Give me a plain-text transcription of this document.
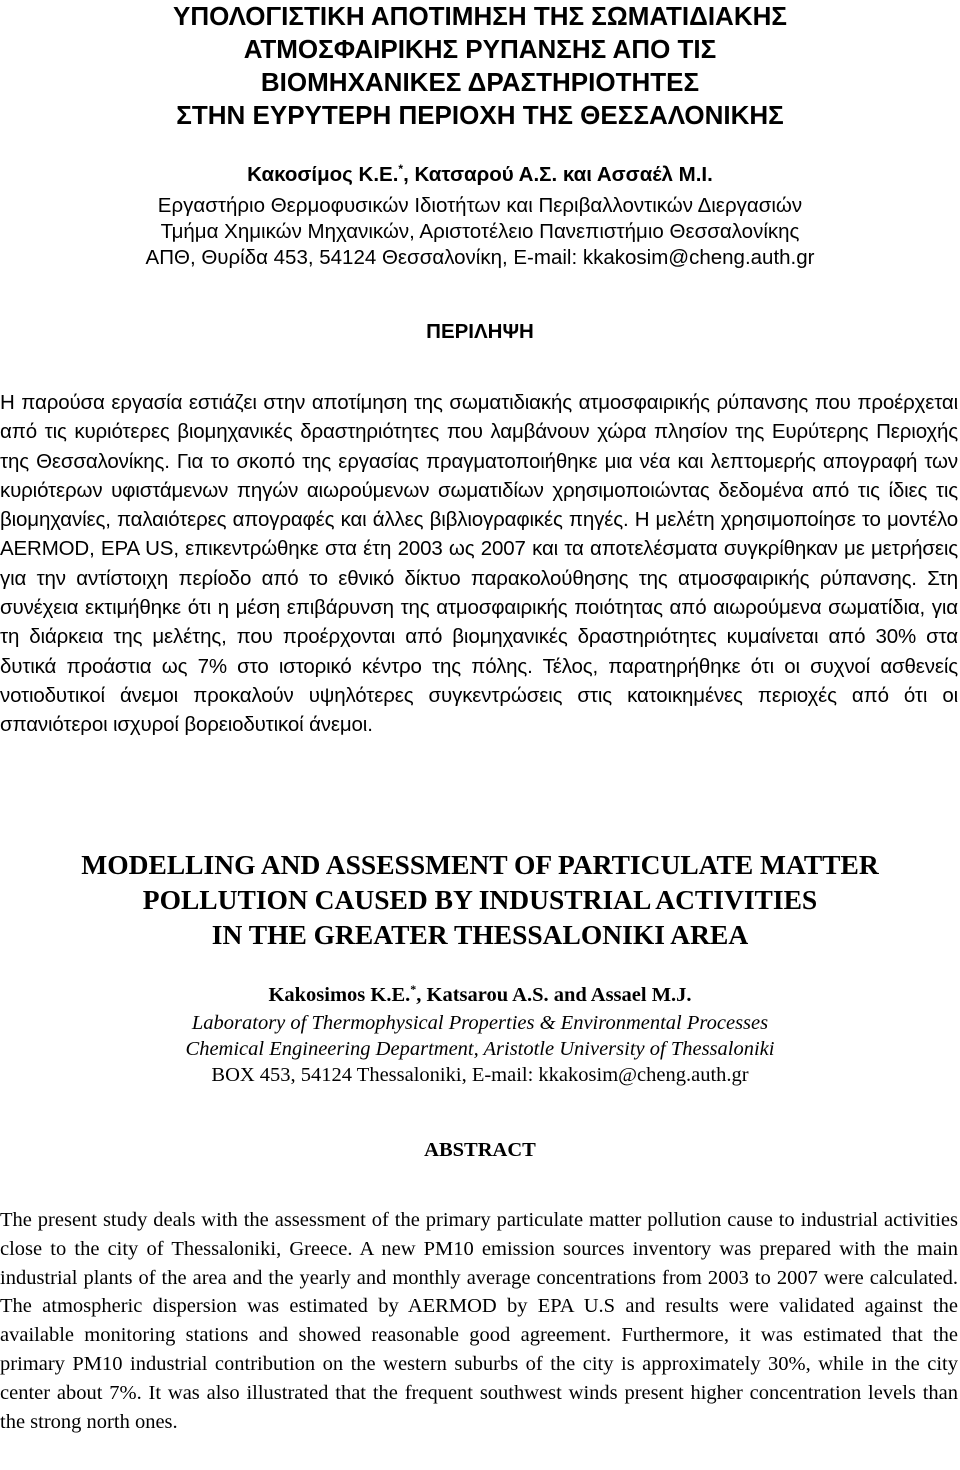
ΥΠΟΛΟΓΙΣΤΙΚΗ ΑΠΟΤΙΜΗΣΗ ΤΗΣ ΣΩΜΑΤΙΔΙΑΚΗΣ
ΑΤΜΟΣΦΑΙΡΙΚΗΣ ΡΥΠΑΝΣΗΣ ΑΠΟ ΤΙΣ
ΒΙΟΜΗΧΑΝΙΚΕΣ ΔΡΑΣΤΗΡΙΟΤΗΤΕΣ
ΣΤΗΝ ΕΥΡΥΤΕΡΗ ΠΕΡΙΟΧΗ ΤΗΣ ΘΕΣΣΑΛΟΝΙΚΗΣ
Κακοσίμος Κ.Ε.*, Κατσαρού Α.Σ. και Ασσαέλ Μ.Ι.
Εργαστήριο Θερμοφυσικών Ιδιοτήτων και Περιβαλλοντικών Διεργασιών
Τμήμα Χημικών Μηχανικών, Αριστοτέλειο Πανεπιστήμιο Θεσσαλονίκης
ΑΠΘ, Θυρίδα 453, 54124 Θεσσαλονίκη, E-mail: kkakosim@cheng.auth.gr
ΠΕΡΙΛΗΨΗ

Η παρούσα εργασία εστιάζει στην αποτίμηση της σωματιδιακής ατμοσφαιρικής ρύπανσης που προέρχεται από τις κυριότερες βιομηχανικές δραστηριότητες που λαμβάνουν χώρα πλησίον της Ευρύτερης Περιοχής της Θεσσαλονίκης. Για το σκοπό της εργασίας πραγματοποιήθηκε μια νέα και λεπτομερής απογραφή των κυριότερων υφιστάμενων πηγών αιωρούμενων σωματιδίων χρησιμοποιώντας δεδομένα από τις ίδιες τις βιομηχανίες, παλαιότερες απογραφές και άλλες βιβλιογραφικές πηγές. Η μελέτη χρησιμοποίησε το μοντέλο AERMOD, EPA US, επικεντρώθηκε στα έτη 2003 ως 2007 και τα αποτελέσματα συγκρίθηκαν με μετρήσεις για την αντίστοιχη περίοδο από το εθνικό δίκτυο παρακολούθησης της ατμοσφαιρικής ρύπανσης. Στη συνέχεια εκτιμήθηκε ότι η μέση επιβάρυνση της ατμοσφαιρικής ποιότητας από αιωρούμενα σωματίδια, για τη διάρκεια της μελέτης, που προέρχονται από βιομηχανικές δραστηριότητες κυμαίνεται από 30% στα δυτικά προάστια ως 7% στο ιστορικό κέντρο της πόλης. Τέλος, παρατηρήθηκε ότι οι συχνοί ασθενείς νοτιοδυτικοί άνεμοι προκαλούν υψηλότερες συγκεντρώσεις στις κατοικημένες περιοχές από ότι οι σπανιότεροι ισχυροί βορειοδυτικοί άνεμοι.

MODELLING AND ASSESSMENT OF PARTICULATE MATTER
POLLUTION CAUSED BY INDUSTRIAL ACTIVITIES
IN THE GREATER THESSALONIKI AREA
Kakosimos K.E.*, Katsarou A.S. and Assael M.J.
Laboratory of Thermophysical Properties & Environmental Processes
Chemical Engineering Department, Aristotle University of Thessaloniki
BOX 453, 54124 Thessaloniki, E-mail: kkakosim@cheng.auth.gr
ABSTRACT

The present study deals with the assessment of the primary particulate matter pollution cause to industrial activities close to the city of Thessaloniki, Greece. A new PM10 emission sources inventory was prepared with the main industrial plants of the area and the yearly and monthly average concentrations from 2003 to 2007 were calculated. The atmospheric dispersion was estimated by AERMOD by EPA U.S and results were validated against the available monitoring stations and showed reasonable good agreement. Furthermore, it was estimated that the primary PM10 industrial contribution on the western suburbs of the city is approximately 30%, while in the city center about 7%. It was also illustrated that the frequent southwest winds present higher concentration levels than the strong north ones.
